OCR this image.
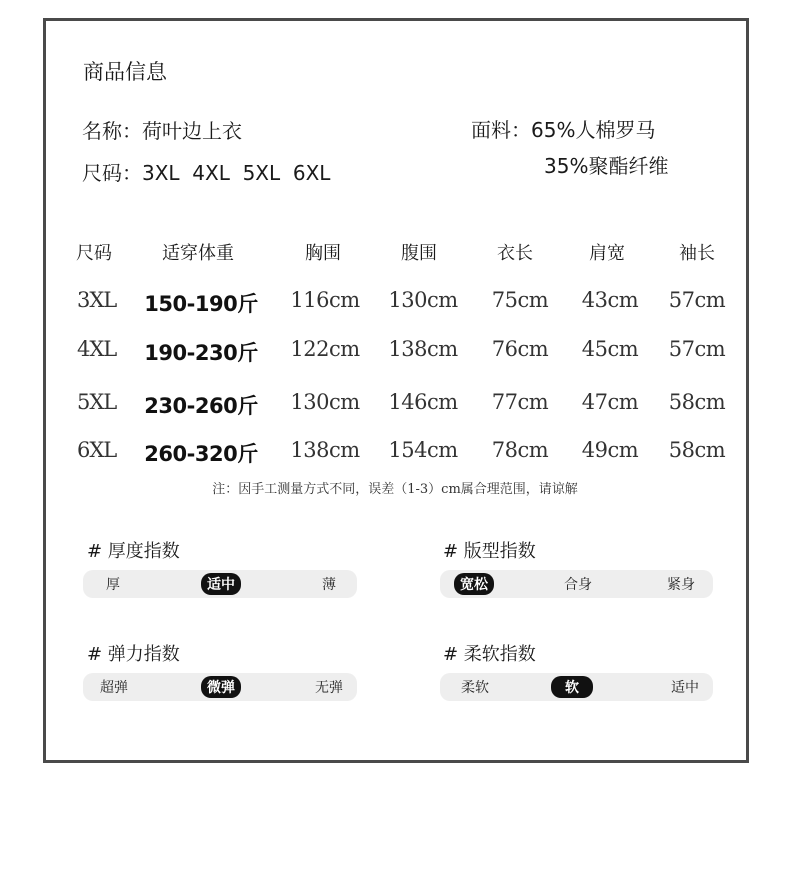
商品信息
名称：荷叶边上衣
尺码：3XL  4XL  5XL  6XL
面料：65%人棉罗马
35%聚酯纤维
尺码	适穿体重	胸围	腹围	衣长	肩宽	袖长
3XL 150-190斤 116cm 130cm 75cm 43cm 57cm
4XL 190-230斤 122cm 138cm 76cm 45cm 57cm
5XL 230-260斤 130cm 146cm 77cm 47cm 58cm
6XL 260-320斤 138cm 154cm 78cm 49cm 58cm
注：因手工测量方式不同，误差（1-3）cm属合理范围，请谅解
# 厚度指数
厚	适中	薄
# 版型指数
宽松	合身	紧身
# 弹力指数
超弹	微弹	无弹
# 柔软指数
柔软	软	适中
